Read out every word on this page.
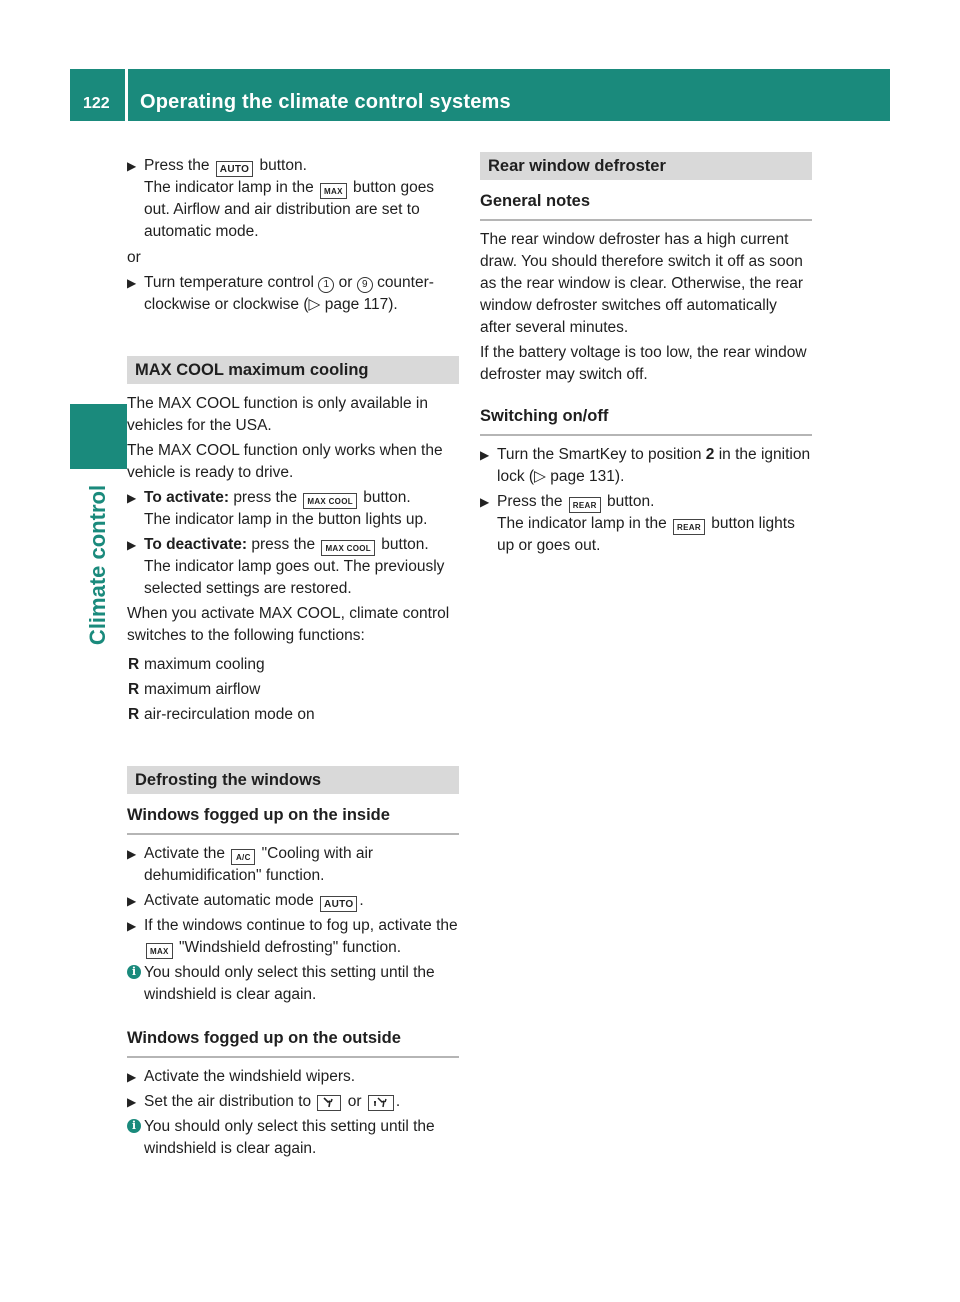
122 Operating the climate control systems
Climate control
▶ Press the AUTO button.
The indicator lamp in the MAX button goes out. Airflow and air distribution are set to automatic mode.

or

▶ Turn temperature control 1 or 9 counter-clockwise or clockwise (▷ page 117).
MAX COOL maximum cooling

The MAX COOL function is only available in vehicles for the USA.

The MAX COOL function only works when the vehicle is ready to drive.

▶ To activate: press the MAX COOL button.
The indicator lamp in the button lights up.
▶ To deactivate: press the MAX COOL button.
The indicator lamp goes out. The previously selected settings are restored.

When you activate MAX COOL, climate control switches to the following functions:

R maximum cooling
R maximum airflow
R air-recirculation mode on
Defrosting the windows
Windows fogged up on the inside
▶ Activate the A/C "Cooling with air dehumidification" function.
▶ Activate automatic mode AUTO .
▶ If the windows continue to fog up, activate the MAX "Windshield defrosting" function.
i You should only select this setting until the windshield is clear again.
Windows fogged up on the outside
▶ Activate the windshield wipers.
▶ Set the air distribution to or .
i You should only select this setting until the windshield is clear again.
Rear window defroster
General notes

The rear window defroster has a high current draw. You should therefore switch it off as soon as the rear window is clear. Otherwise, the rear window defroster switches off automatically after several minutes.

If the battery voltage is too low, the rear window defroster may switch off.

Switching on/off
▶ Turn the SmartKey to position 2 in the ignition lock (▷ page 131).
▶ Press the REAR button.
The indicator lamp in the REAR button lights up or goes out.
